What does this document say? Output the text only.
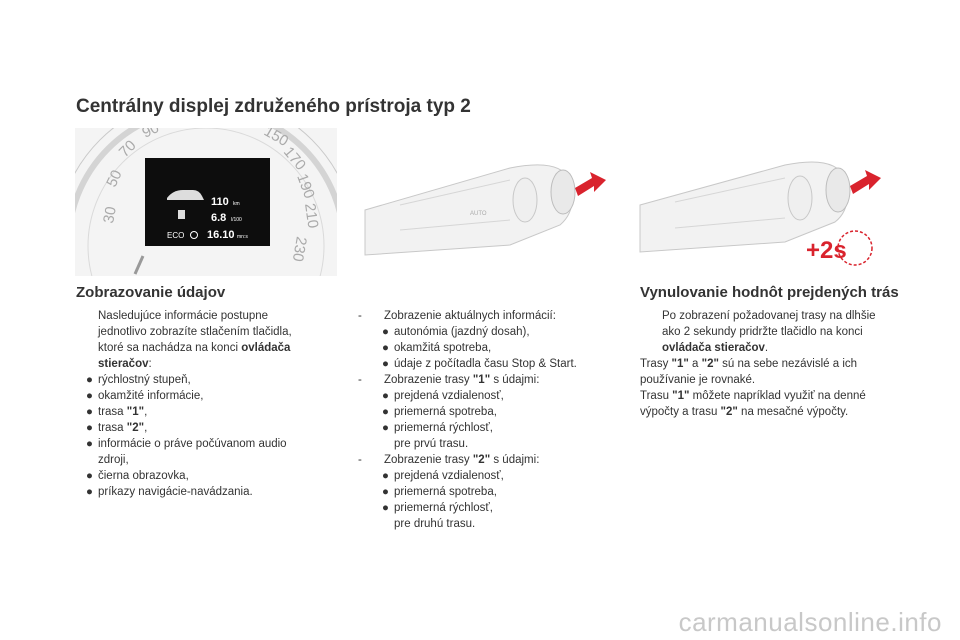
Centrálny displej združeného prístroja typ 2
30
50
70
90	150
170
190
210
230
110 km
6.8 l/100
ECO 16.10 mn:s
AUTO
+2s
Zobrazovanie údajov	Vynulovanie hodnôt prejdených trás
Nasledujúce informácie postupne
jednotlivo zobrazíte stlačením tlačidla,
ktoré sa nachádza na konci ovládača
stieračov:
● rýchlostný stupeň,
● okamžité informácie,
● trasa "1",
● trasa "2",
● informácie o práve počúvanom audio
zdroji,
● čierna obrazovka,
● príkazy navigácie-navádzania.
- Zobrazenie aktuálnych informácií:
● autonómia (jazdný dosah),
● okamžitá spotreba,
● údaje z počítadla času Stop & Start.
- Zobrazenie trasy "1" s údajmi:
● prejdená vzdialenosť,
● priemerná spotreba,
● priemerná rýchlosť,
pre prvú trasu.
- Zobrazenie trasy "2" s údajmi:
● prejdená vzdialenosť,
● priemerná spotreba,
● priemerná rýchlosť,
pre druhú trasu.
Po zobrazení požadovanej trasy na dlhšie
ako 2 sekundy pridržte tlačidlo na konci
ovládača stieračov.
Trasy "1" a "2" sú na sebe nezávislé a ich
používanie je rovnaké.
Trasu "1" môžete napríklad využiť na denné
výpočty a trasu "2" na mesačné výpočty.
carmanualsonline.info
